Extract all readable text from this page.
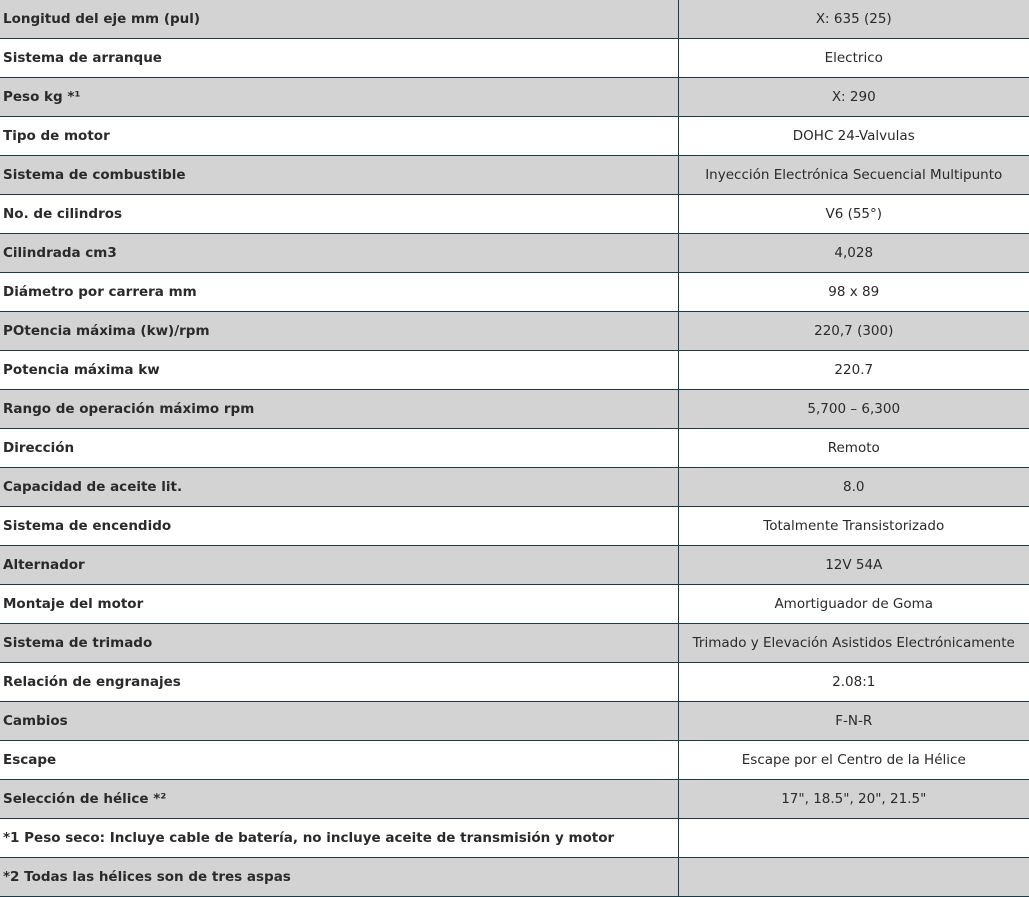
Longitud del eje mm (pul)	X: 635 (25)
Sistema de arranque	Electrico
Peso kg *¹	X: 290
Tipo de motor	DOHC 24-Valvulas
Sistema de combustible	Inyección Electrónica Secuencial Multipunto
No. de cilindros	V6 (55°)
Cilindrada cm3	4,028
Diámetro por carrera mm	98 x 89
POtencia máxima (kw)/rpm	220,7 (300)
Potencia máxima kw	220.7
Rango de operación máximo rpm	5,700 – 6,300
Dirección	Remoto
Capacidad de aceite lit.	8.0
Sistema de encendido	Totalmente Transistorizado
Alternador	12V 54A
Montaje del motor	Amortiguador de Goma
Sistema de trimado	Trimado y Elevación Asistidos Electrónicamente
Relación de engranajes	2.08:1
Cambios	F-N-R
Escape	Escape por el Centro de la Hélice
Selección de hélice *²	17", 18.5", 20", 21.5"
*1 Peso seco: Incluye cable de batería, no incluye aceite de transmisión y motor	
*2 Todas las hélices son de tres aspas	
